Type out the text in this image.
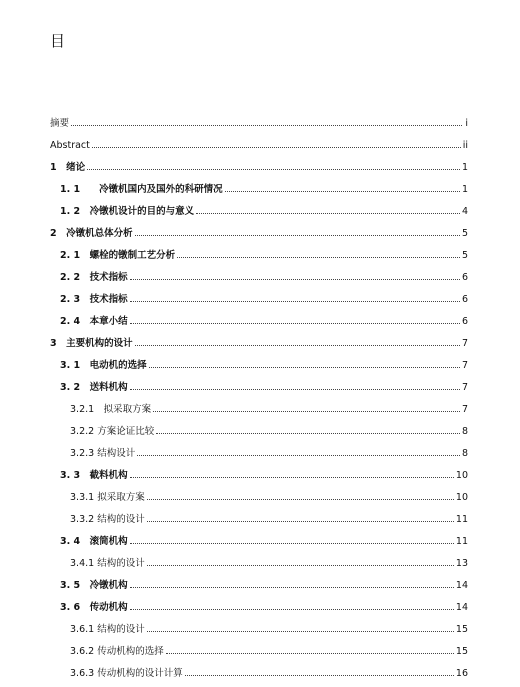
目
摘要	i
Abstract	ii
1　绪论	1
1. 1　　冷镦机国内及国外的科研情况	1
1. 2　冷镦机设计的目的与意义	4
2　冷镦机总体分析	5
2. 1　螺栓的镦制工艺分析	5
2. 2　技术指标	6
2. 3　技术指标	6
2. 4　本章小结	6
3　主要机构的设计	7
3. 1　电动机的选择	7
3. 2　送料机构	7
3.2.1　拟采取方案	7
3.2.2 方案论证比较	8
3.2.3 结构设计	8
3. 3　截料机构	10
3.3.1 拟采取方案	10
3.3.2 结构的设计	11
3. 4　滚筒机构	11
3.4.1 结构的设计	13
3. 5　冷镦机构	14
3. 6　传动机构	14
3.6.1 结构的设计	15
3.6.2 传动机构的选择	15
3.6.3 传动机构的设计计算	16
